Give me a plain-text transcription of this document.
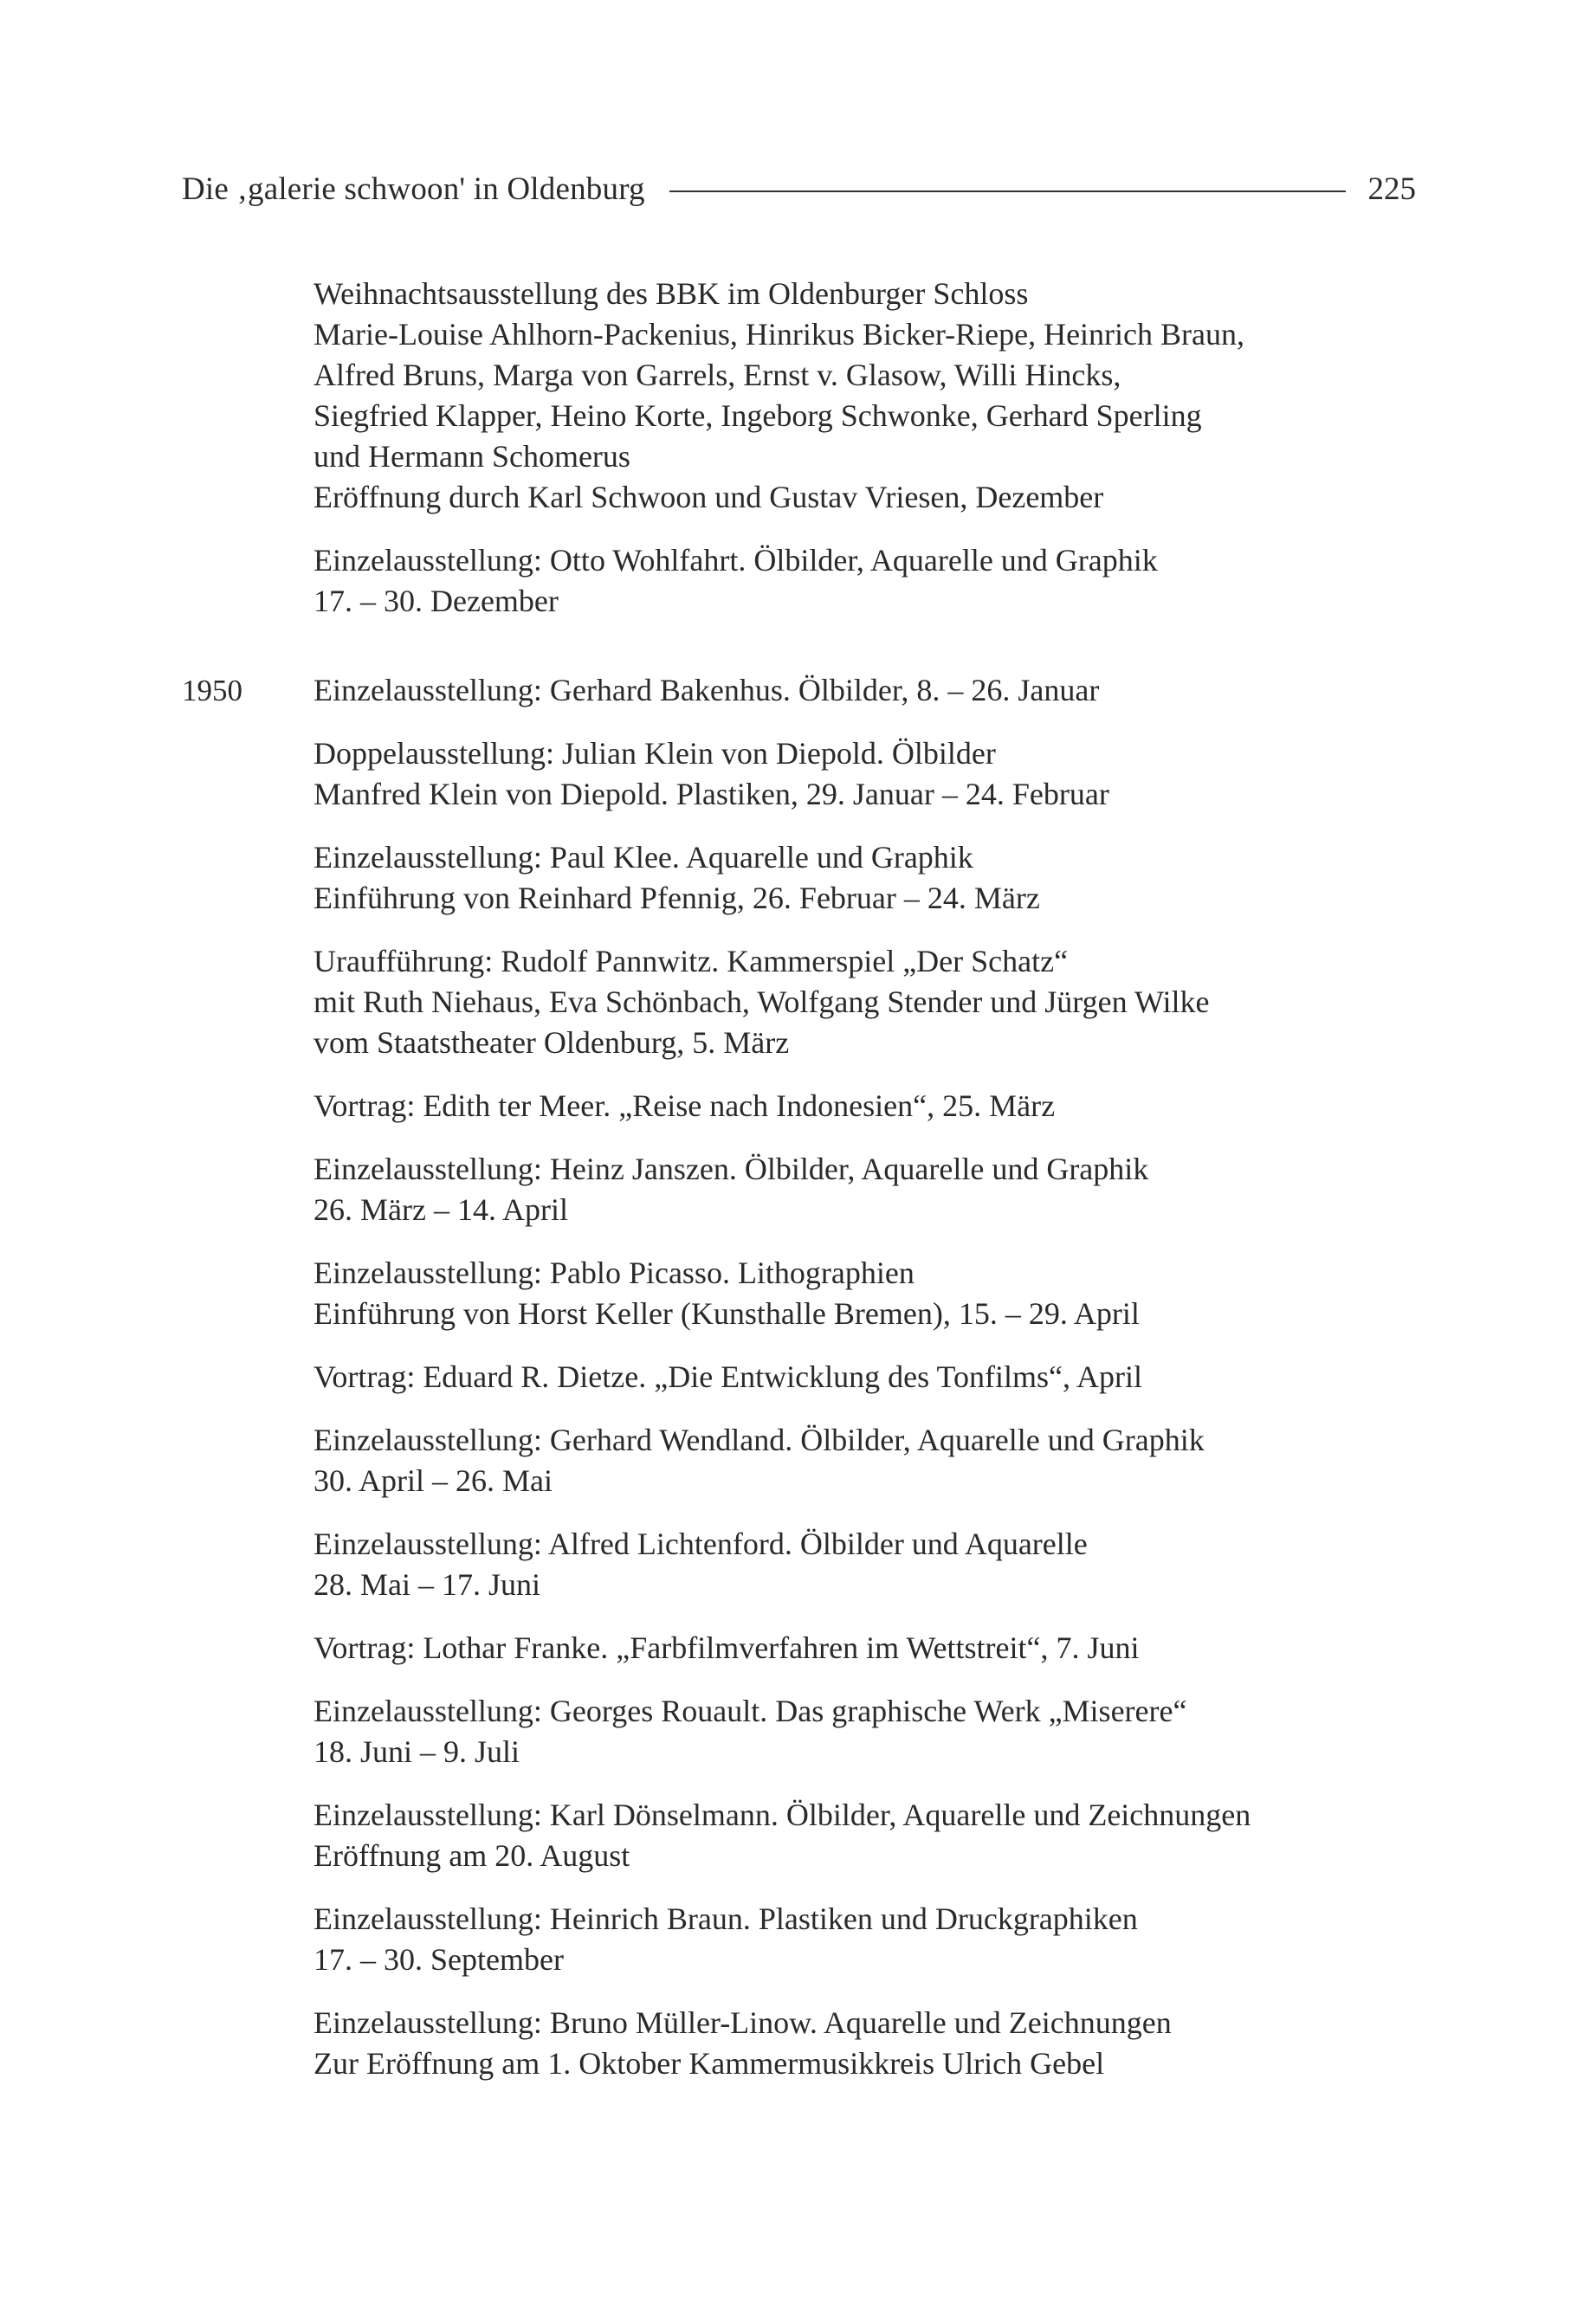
Die ‚galerie schwoon' in Oldenburg	225
Weihnachtsausstellung des BBK im Oldenburger Schloss
Marie-Louise Ahlhorn-Packenius, Hinrikus Bicker-Riepe, Heinrich Braun,
Alfred Bruns, Marga von Garrels, Ernst v. Glasow, Willi Hincks,
Siegfried Klapper, Heino Korte, Ingeborg Schwonke, Gerhard Sperling
und Hermann Schomerus
Eröffnung durch Karl Schwoon und Gustav Vriesen, Dezember
Einzelausstellung: Otto Wohlfahrt. Ölbilder, Aquarelle und Graphik
17. – 30. Dezember
1950	Einzelausstellung: Gerhard Bakenhus. Ölbilder, 8. – 26. Januar
Doppelausstellung: Julian Klein von Diepold. Ölbilder
Manfred Klein von Diepold. Plastiken, 29. Januar – 24. Februar
Einzelausstellung: Paul Klee. Aquarelle und Graphik
Einführung von Reinhard Pfennig, 26. Februar – 24. März
Uraufführung: Rudolf Pannwitz. Kammerspiel „Der Schatz“
mit Ruth Niehaus, Eva Schönbach, Wolfgang Stender und Jürgen Wilke
vom Staatstheater Oldenburg, 5. März
Vortrag: Edith ter Meer. „Reise nach Indonesien“, 25. März
Einzelausstellung: Heinz Janszen. Ölbilder, Aquarelle und Graphik
26. März – 14. April
Einzelausstellung: Pablo Picasso. Lithographien
Einführung von Horst Keller (Kunsthalle Bremen), 15. – 29. April
Vortrag: Eduard R. Dietze. „Die Entwicklung des Tonfilms“, April
Einzelausstellung: Gerhard Wendland. Ölbilder, Aquarelle und Graphik
30. April – 26. Mai
Einzelausstellung: Alfred Lichtenford. Ölbilder und Aquarelle
28. Mai – 17. Juni
Vortrag: Lothar Franke. „Farbfilmverfahren im Wettstreit“, 7. Juni
Einzelausstellung: Georges Rouault. Das graphische Werk „Miserere“
18. Juni – 9. Juli
Einzelausstellung: Karl Dönselmann. Ölbilder, Aquarelle und Zeichnungen
Eröffnung am 20. August
Einzelausstellung: Heinrich Braun. Plastiken und Druckgraphiken
17. – 30. September
Einzelausstellung: Bruno Müller-Linow. Aquarelle und Zeichnungen
Zur Eröffnung am 1. Oktober Kammermusikkreis Ulrich Gebel
